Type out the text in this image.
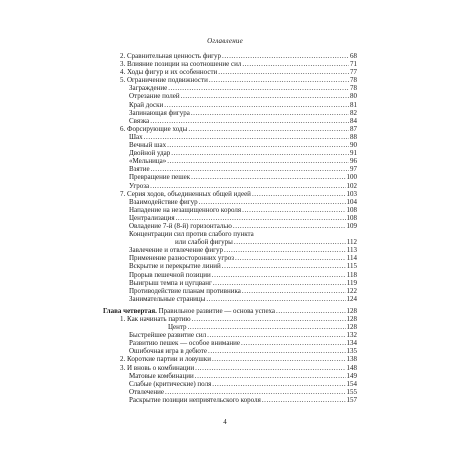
Оглавление
2. Сравнительная ценность фигур .....	68
3. Влияние позиции на соотношение сил .....	71
4. Ходы фигур и их особенности .....	77
5. Ограничение подвижности .....	78
Заграждение .....	78
Отрезание полей .....	80
Край доски .....	81
Запинающая фигура .....	82
Связка .....	84
6. Форсирующие ходы .....	87
Шах .....	88
Вечный шах .....	90
Двойной удар .....	91
«Мельница» .....	96
Взятие .....	97
Превращение пешек .....	100
Угроза .....	102
7. Серия ходов, объединенных общей идеей .....	103
Взаимодействие фигур .....	104
Нападение на незащищенного короля .....	108
Централизация .....	108
Овладение 7-й (8-й) горизонталью .....	109
Концентрации сил против слабого пункта
или слабой фигуры .....	112
Завлечение и отвлечение фигур .....	113
Применение разносторонних угроз .....	114
Вскрытие и перекрытие линий .....	115
Прорыв пешечной позиции .....	118
Выигрыш темпа и цугцванг .....	119
Противодействие планам противника .....	122
Занимательные страницы .....	124
Глава четвертая. Правильное развитие — основа успеха .....	128
1. Как начинать партию .....	128
Центр .....	128
Быстрейшее развитие сил .....	132
Развитию пешек — особое внимание .....	134
Ошибочная игра в дебюте .....	135
2. Короткие партии и ловушки .....	138
3. И вновь о комбинации .....	148
Матовые комбинации .....	149
Слабые (критические) поля .....	154
Отвлечение .....	155
Раскрытие позиции неприятельского короля .....	157
4
